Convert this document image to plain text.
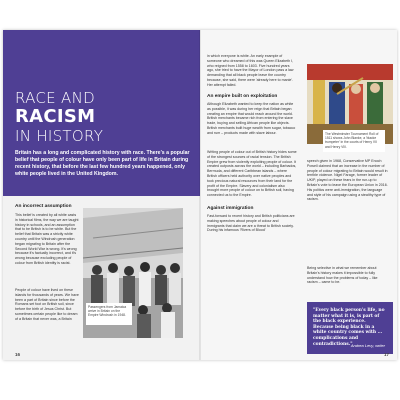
RACE AND
RACISM
IN HISTORY

Britain has a long and complicated history with race. There's a popular belief that people of colour have only been part of life in Britain during recent history, that before the last few hundred years happened, only white people lived in the United Kingdom.

An incorrect assumption

This belief is created by all white casts in historical films, the way we are taught history in schools, and an assumption that to be British is to be white. But the belief that Britain was a strictly white country until the Windrush generation began migrating to Britain after the Second World War is wrong. It's wrong because it's factually incorrect, and it's wrong because excluding people of colour from British identity is racist.

People of colour have lived on these islands for thousands of years. We have been a part of Britain since before the Romans set foot on British soil, since before the birth of Jesus Christ. But sometimes certain people like to dream of a Britain that never was, a Britain

Passengers from Jamaica arrive in Britain on the Empire Windrush in 1948.
16

in which everyone is white. An early example of someone who dreamed of this was Queen Elizabeth I, who reigned from 1558 to 1603. Five hundred years ago, she tried to have the Mayor of London pass a law demanding that all black people leave the country because, she said, there were 'already here to manie'. Her attempt failed.

An empire built on exploitation

Although Elizabeth wanted to keep the nation as white as possible, it was during her reign that Britain began creating an empire that would reach around the world. British merchants became rich from entering the slave trade, buying and selling African people like objects. British merchants built huge wealth from sugar, tobacco and rum – products made with slave labour.

Writing people of colour out of British history hides some of the strongest sources of racial tension. The British Empire grew from violently exploiting people of colour. It created outposts across the world – including Barbados, Bermuda, and different Caribbean islands – where British officers held authority over native peoples and took precious natural resources from their land for the profit of the Empire. Slavery and colonialism also brought more people of colour on to British soil, having connected us to the Empire.

Against immigration

Fast-forward to recent history and British politicians are making speeches about people of colour and immigrants that claim we are a threat to British society. During his infamous 'Rivers of Blood'

The Westminster Tournament Roll of 1511 shows John Blanke, a 'blacke trumpeter' in the courts of Henry VII and Henry VIII.

speech given in 1968, Conservative MP Enoch Powell claimed that an increase in the number of people of colour migrating to Britain would result in terrible violence. Nigel Farage, former leader of UKIP, played on these fears in the run-up to Britain's vote to leave the European Union in 2016. His politics were anti-immigration, the language and style of his campaign using a stealthy type of racism.

Being selective in what we remember about Britain's history makes it impossible to fully understand how the problems of today – like racism – came to be.

"Every black person's life, no matter what it is, is part of the black experience. Because being black in a white country comes with ... complications and contradictions."

Andrea Levy, writer
17
